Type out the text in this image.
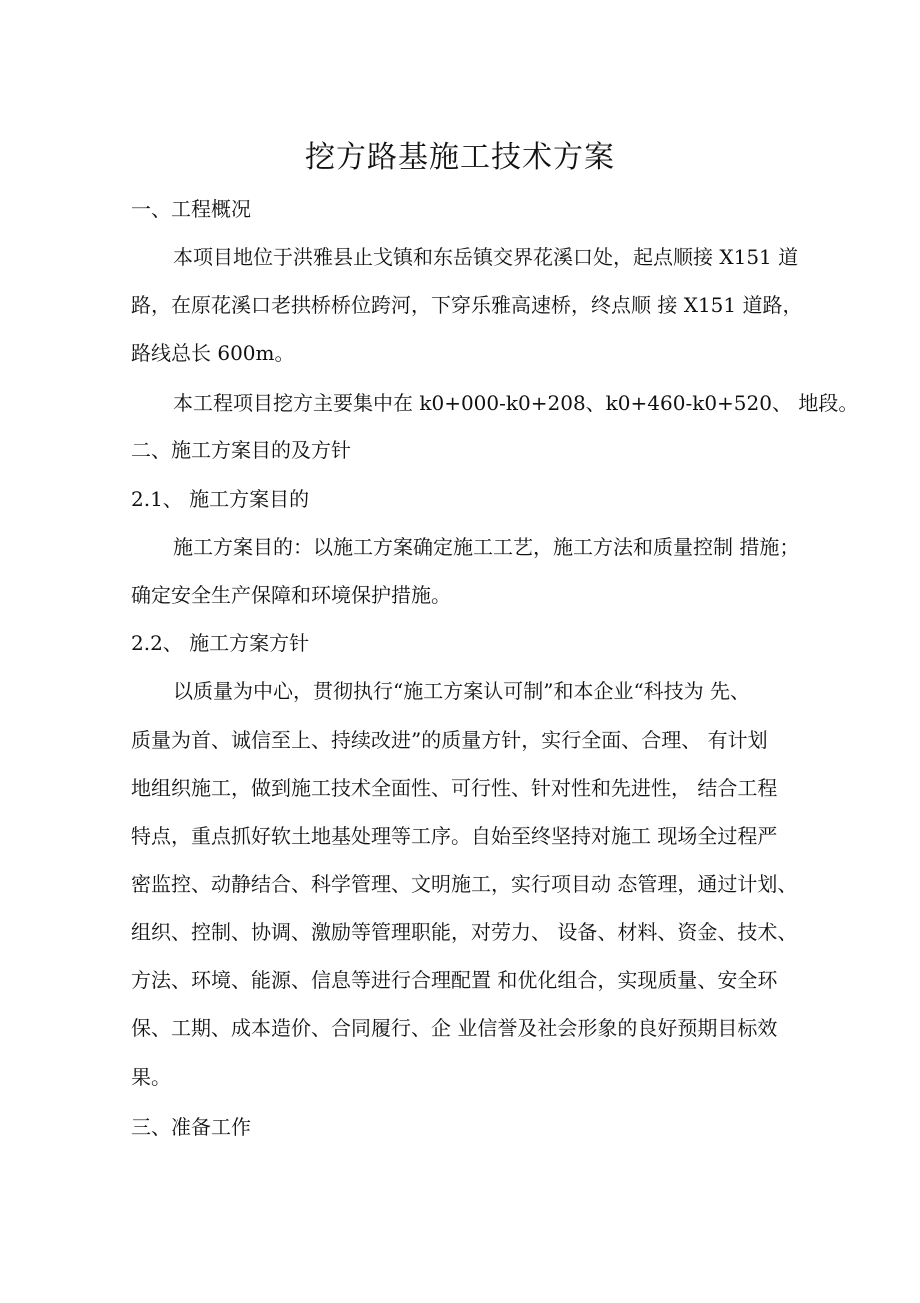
挖方路基施工技术方案

一、工程概况

本项目地位于洪雅县止戈镇和东岳镇交界花溪口处，起点顺接 X151 道

路，在原花溪口老拱桥桥位跨河，下穿乐雅高速桥，终点顺 接 X151 道路，

路线总长 600m。

本工程项目挖方主要集中在 k0+000-k0+208、k0+460-k0+520、 地段。

二、施工方案目的及方针

2.1、 施工方案目的

施工方案目的：以施工方案确定施工工艺，施工方法和质量控制 措施；

确定安全生产保障和环境保护措施。

2.2、 施工方案方针

以质量为中心，贯彻执行“施工方案认可制”和本企业“科技为 先、

质量为首、诚信至上、持续改进”的质量方针，实行全面、合理、 有计划

地组织施工，做到施工技术全面性、可行性、针对性和先进性， 结合工程

特点，重点抓好软土地基处理等工序。自始至终坚持对施工 现场全过程严

密监控、动静结合、科学管理、文明施工，实行项目动 态管理，通过计划、

组织、控制、协调、激励等管理职能，对劳力、 设备、材料、资金、技术、

方法、环境、能源、信息等进行合理配置 和优化组合，实现质量、安全环

保、工期、成本造价、合同履行、企 业信誉及社会形象的良好预期目标效

果。

三、准备工作
